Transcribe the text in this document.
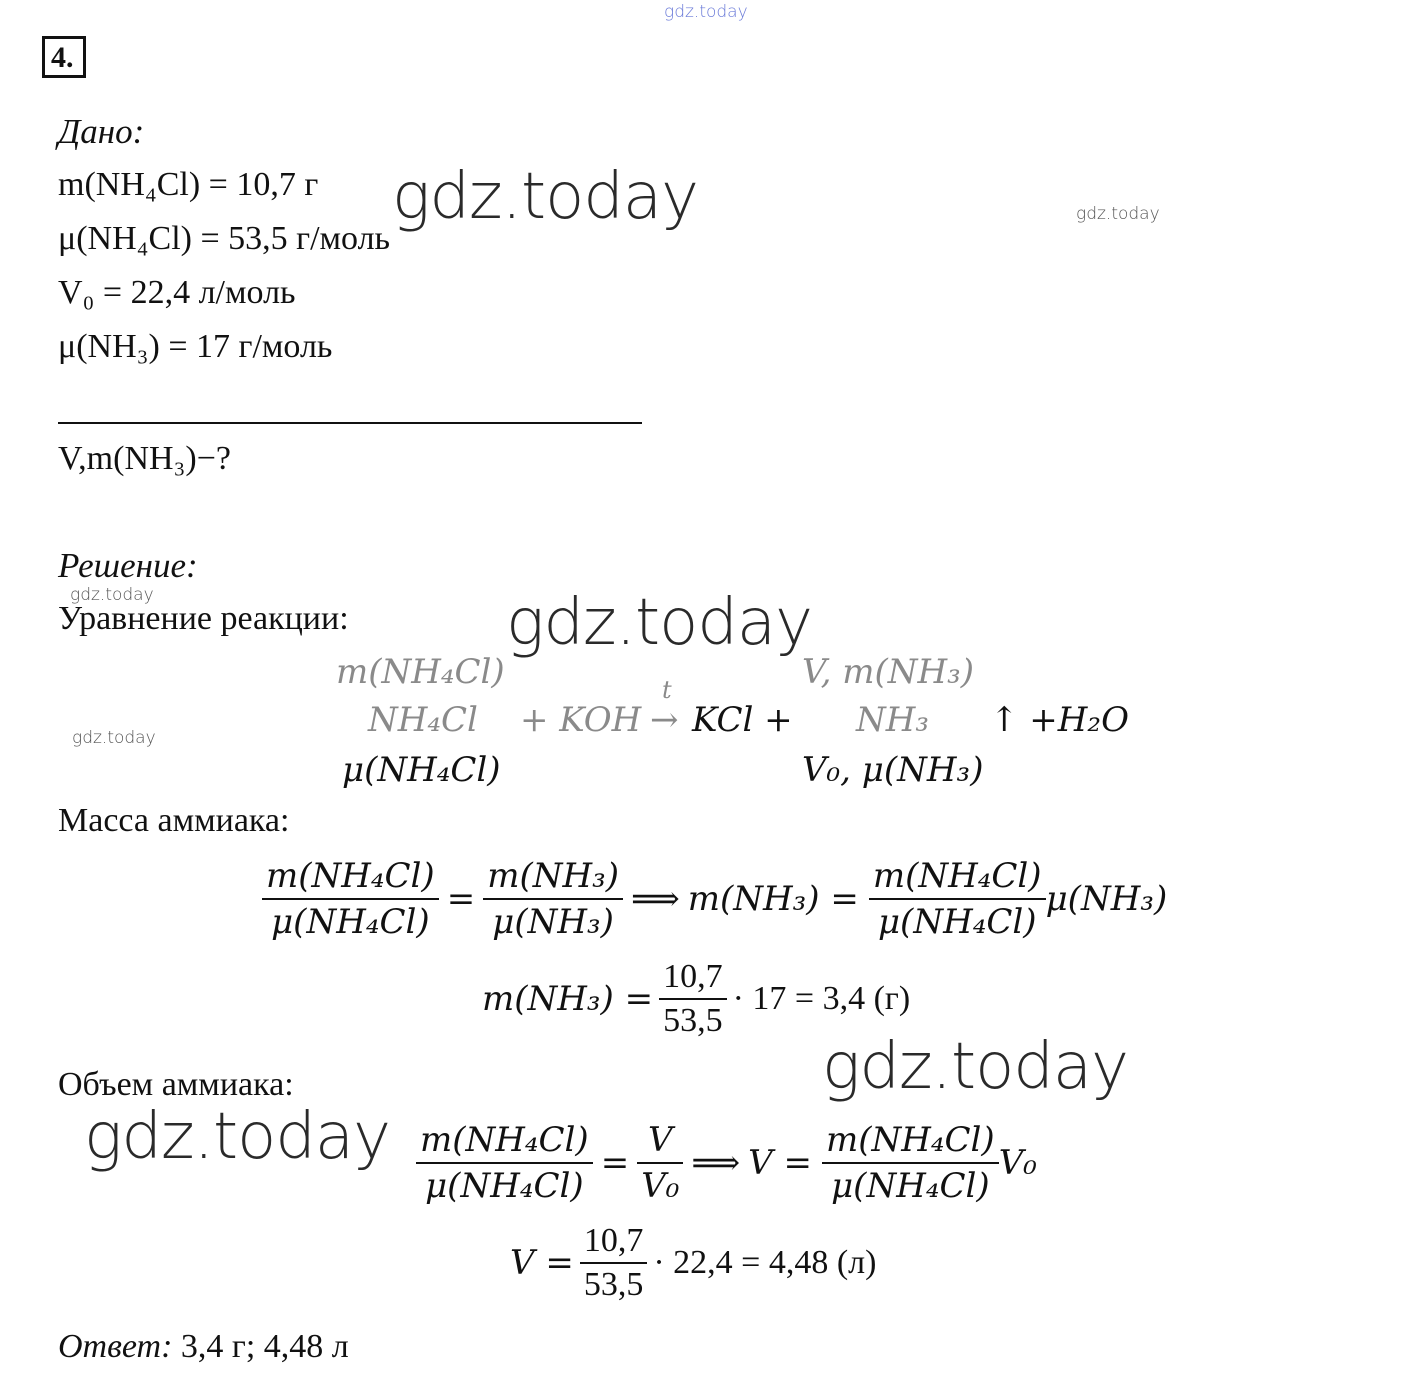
gdz.today
gdz.today	gdz.today
gdz.today	gdz.today
gdz.today
gdz.today
gdz.today
4.
Дано:
m(NH₄Cl) = 10,7 г
μ(NH₄Cl) = 53,5 г/моль
V₀ = 22,4 л/моль
μ(NH₃) = 17 г/моль
V,m(NH₃)−?
Решение:
Уравнение реакции:
m(NH₄Cl)	V, m(NH₃)
t
NH₄Cl + KOH → KCl + NH₃ ↑ +H₂O
μ(NH₄Cl)	V₀, μ(NH₃)
Масса аммиака:
$\frac{\text{m(NH₄Cl)}}{\text{μ(NH₄Cl)}} = \frac{\text{m(NH₃)}}{\text{μ(NH₃)}}$ ⟹ $m(NH_3) = \frac{\text{m(NH₄Cl)}}{\text{μ(NH₄Cl)}} \mu(NH_3)$
$m(NH_3) = \frac{10,7}{53,5} \cdot 17 = 3,4$ (г)
Объем аммиака:
$\frac{\text{m(NH₄Cl)}}{\text{μ(NH₄Cl)}} = \frac{V}{\text{V₀}}$ ⟹ $V = \frac{\text{m(NH₄Cl)}}{\text{μ(NH₄Cl)}} V_0$
$V = \frac{10,7}{53,5} \cdot 22,4 = 4,48$ (л)
Ответ: 3,4 г; 4,48 л
